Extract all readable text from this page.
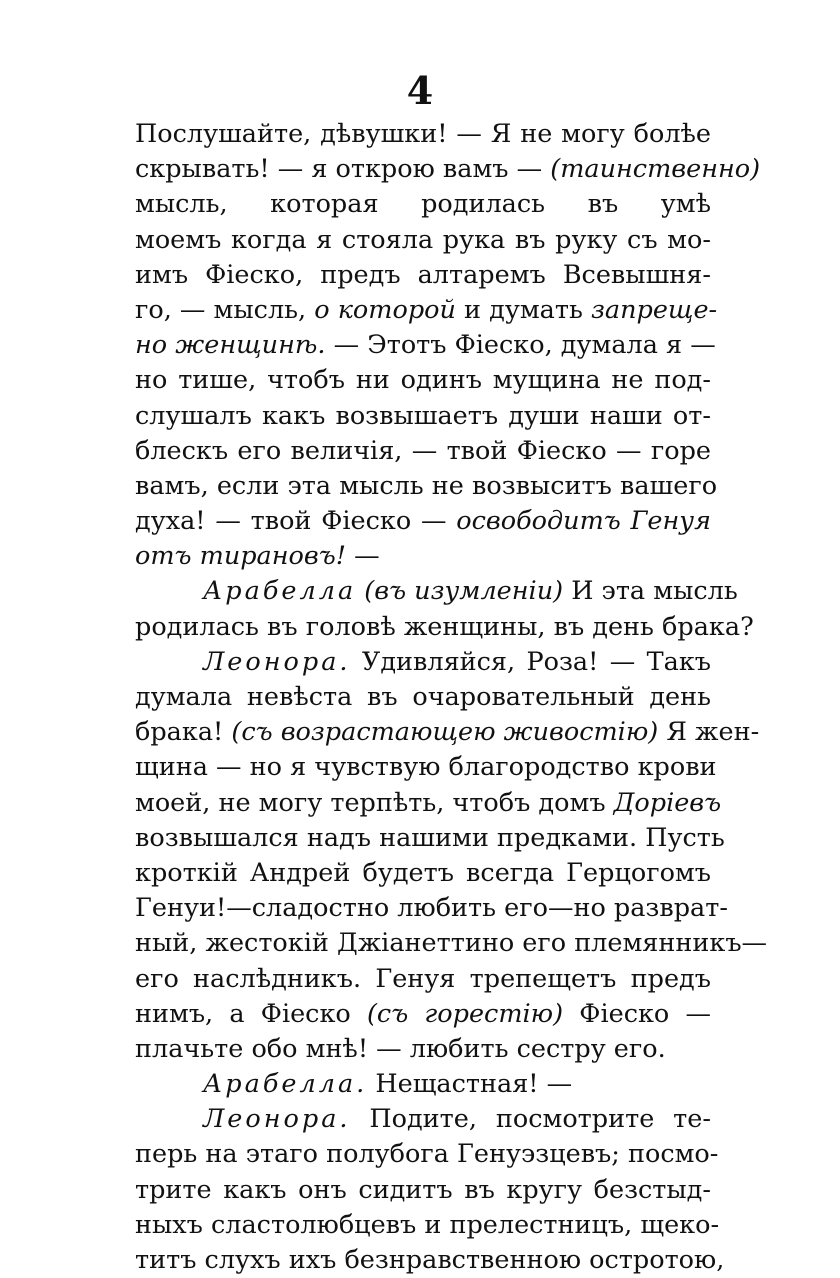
4
Послушайте, дѣвушки! — Я не могу болѣе
скрывать! — я открою вамъ — (таинственно)
мысль, которая родилась въ умѣ
моемъ когда я стояла рука въ руку съ мо-
имъ Фіеско, предъ алтаремъ Всевышня-
го, — мысль, о которой и думать запреще-
но женщинѣ. — Этотъ Фіеско, думала я —
но тише, чтобъ ни одинъ мущина не под-
слушалъ какъ возвышаетъ души наши от-
блескъ его величія, — твой Фіеско — горе
вамъ, если эта мысль не возвыситъ вашего
духа! — твой Фіеско — освободитъ Генуя
отъ тирановъ! —
Арабелла (въ изумленіи) И эта мысль
родилась въ головѣ женщины, въ день брака?
Леонора. Удивляйся, Роза! — Такъ
думала невѣста въ очаровательный день
брака! (съ возрастающею живостію) Я жен-
щина — но я чувствую благородство крови
моей, не могу терпѣть, чтобъ домъ Доріевъ
возвышался надъ нашими предками. Пусть
кроткій Андрей будетъ всегда Герцогомъ
Генуи!—сладостно любить его—но разврат-
ный, жестокій Джіанеттино его племянникъ—
его наслѣдникъ. Генуя трепещетъ предъ
нимъ, а Фіеско (съ горестію) Фіеско —
плачьте обо мнѣ! — любить сестру его.
Арабелла. Нещастная! —
Леонора. Подите, посмотрите те-
перь на этаго полубога Генуэзцевъ; посмо-
трите какъ онъ сидитъ въ кругу безстыд-
ныхъ сластолюбцевъ и прелестницъ, щеко-
титъ слухъ ихъ безнравственною остротою,
